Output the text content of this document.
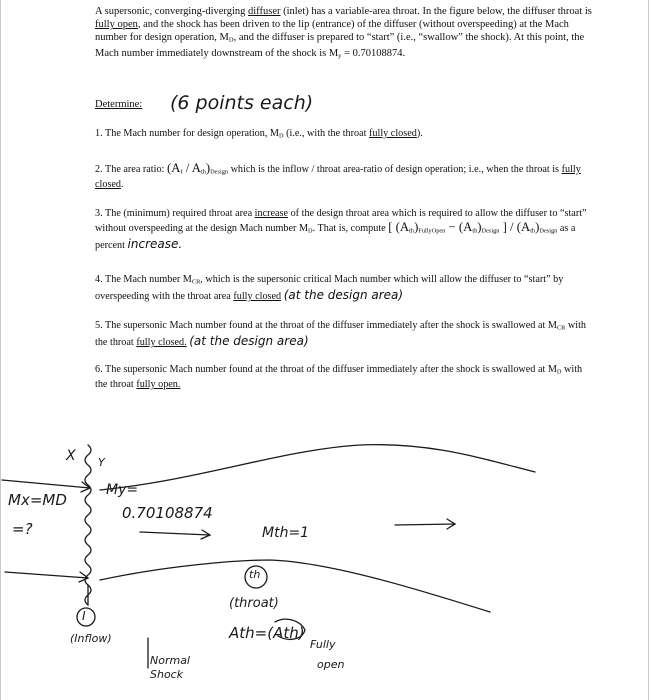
A supersonic, converging-diverging diffuser (inlet) has a variable-area throat. In the figure below, the diffuser throat is fully open, and the shock has been driven to the lip (entrance) of the diffuser (without overspeeding) at the Mach number for design operation, $M_D$, and the diffuser is prepared to “start” (i.e., “swallow” the shock). At this point, the Mach number immediately downstream of the shock is $M_y = 0.70108874$.
Determine: (6 points each)
1. The Mach number for design operation, $M_D$ (i.e., with the throat fully closed).
2. The area ratio: $(A_I / A_{th})_{Design}$ which is the inflow / throat area-ratio of design operation; i.e., when the throat is fully closed.
3. The (minimum) required throat area increase of the design throat area which is required to allow the diffuser to “start” without overspeeding at the design Mach number $M_D$. That is, compute [ $(A_{th})_{FullyOpen} - (A_{th})_{Design}$ ] / $(A_{th})_{Design}$ as a percent increase.
4. The Mach number $M_{CR}$, which is the supersonic critical Mach number which will allow the diffuser to “start” by overspeeding with the throat area fully closed (at the design area)
5. The supersonic Mach number found at the throat of the diffuser immediately after the shock is swallowed at $M_{CR}$ with the throat fully closed. (at the design area)
6. The supersonic Mach number found at the throat of the diffuser immediately after the shock is swallowed at $M_D$ with the throat fully open.
X Y
Mx=MD
=?
My=
0.70108874
Mth=1
th
(throat)
Ath=(Ath)
Fully
open
I
(Inflow)
Normal
Shock
